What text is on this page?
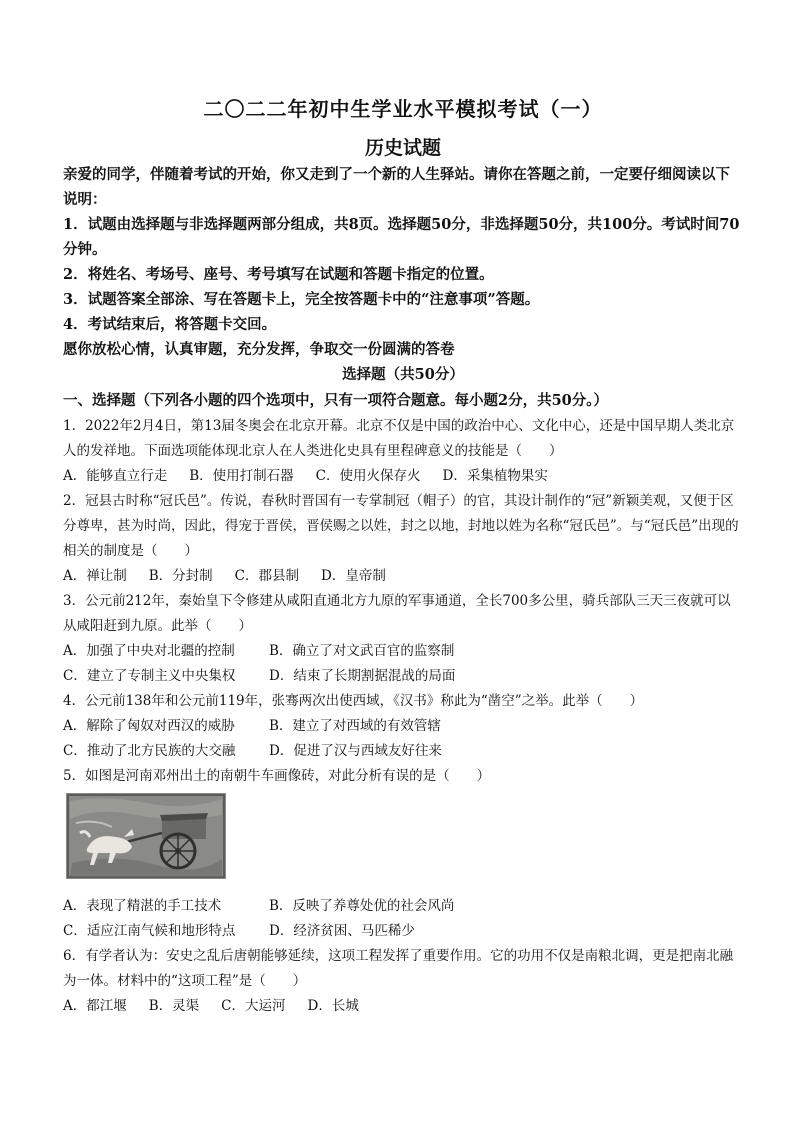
二〇二二年初中生学业水平模拟考试（一）
历史试题

亲爱的同学，伴随着考试的开始，你又走到了一个新的人生驿站。请你在答题之前，一定要仔细阅读以下说明：

1．试题由选择题与非选择题两部分组成，共8页。选择题50分，非选择题50分，共100分。考试时间70分钟。

2．将姓名、考场号、座号、考号填写在试题和答题卡指定的位置。

3．试题答案全部涂、写在答题卡上，完全按答题卡中的“注意事项”答题。

4．考试结束后，将答题卡交回。

愿你放松心情，认真审题，充分发挥，争取交一份圆满的答卷

选择题（共50分）

一、选择题（下列各小题的四个选项中，只有一项符合题意。每小题2分，共50分。）

1．2022年2月4日，第13届冬奥会在北京开幕。北京不仅是中国的政治中心、文化中心，还是中国早期人类北京人的发祥地。下面选项能体现北京人在人类进化史具有里程碑意义的技能是（　　）

A．能够直立行走 B．使用打制石器 C．使用火保存火 D．采集植物果实

2．冠县古时称“冠氏邑”。传说，春秋时晋国有一专掌制冠（帽子）的官，其设计制作的“冠”新颖美观，又便于区分尊卑，甚为时尚，因此，得宠于晋侯，晋侯赐之以姓，封之以地，封地以姓为名称“冠氏邑”。与“冠氏邑”出现的相关的制度是（　　）

A．禅让制 B．分封制 C．郡县制 D．皇帝制

3．公元前212年，秦始皇下令修建从咸阳直通北方九原的军事通道，全长700多公里，骑兵部队三天三夜就可以从咸阳赶到九原。此举（　　）

A．加强了中央对北疆的控制	B．确立了对文武百官的监察制
C．建立了专制主义中央集权	D．结束了长期割据混战的局面

4．公元前138年和公元前119年，张骞两次出使西域，《汉书》称此为“凿空”之举。此举（　　）

A．解除了匈奴对西汉的威胁	B．建立了对西域的有效管辖
C．推动了北方民族的大交融	D．促进了汉与西域友好往来

5．如图是河南邓州出土的南朝牛车画像砖，对此分析有误的是（　　）

A．表现了精湛的手工技术	B．反映了养尊处优的社会风尚
C．适应江南气候和地形特点	D．经济贫困、马匹稀少

6．有学者认为：安史之乱后唐朝能够延续，这项工程发挥了重要作用。它的功用不仅是南粮北调，更是把南北融为一体。材料中的“这项工程”是（　　）

A．都江堰 B．灵渠 C．大运河 D．长城
